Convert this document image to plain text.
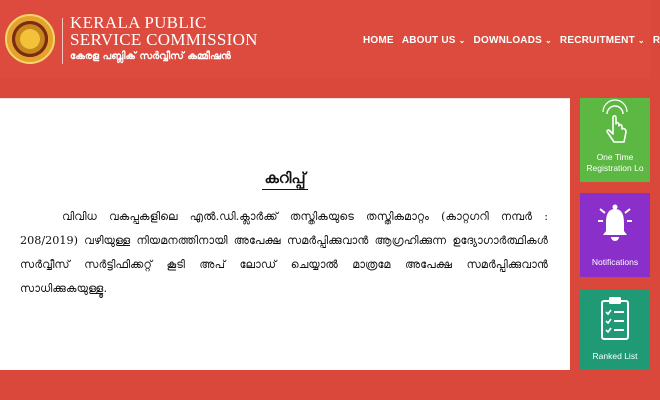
KERALA PUBLIC
SERVICE COMMISSION
കേരള പബ്ലിക് സർവ്വീസ് കമ്മീഷൻ
HOME ABOUT US ⌄ DOWNLOADS ⌄ RECRUITMENT ⌄ R
കറിപ്പ്

വിവിധ വകപ്പകളിലെ എൽ.ഡി.ക്ലാർക്ക് തസ്തികയുടെ തസ്തികമാറ്റം (കാറ്റഗറി നമ്പർ : 208/2019) വഴിയുള്ള നിയമനത്തിനായി അപേക്ഷ സമർപ്പിക്കുവാൻ ആഗ്രഹിക്കുന്ന ഉദ്യോഗാർത്ഥികൾ സർവ്വീസ് സർട്ടിഫിക്കറ്റ് കൂടി അപ് ലോഡ് ചെയ്യാൽ മാത്രമേ അപേക്ഷ സമർപ്പിക്കുവാൻ സാധിക്കുകയുള്ളൂ.

One Time
Registration Lo
Notifications
Ranked List
